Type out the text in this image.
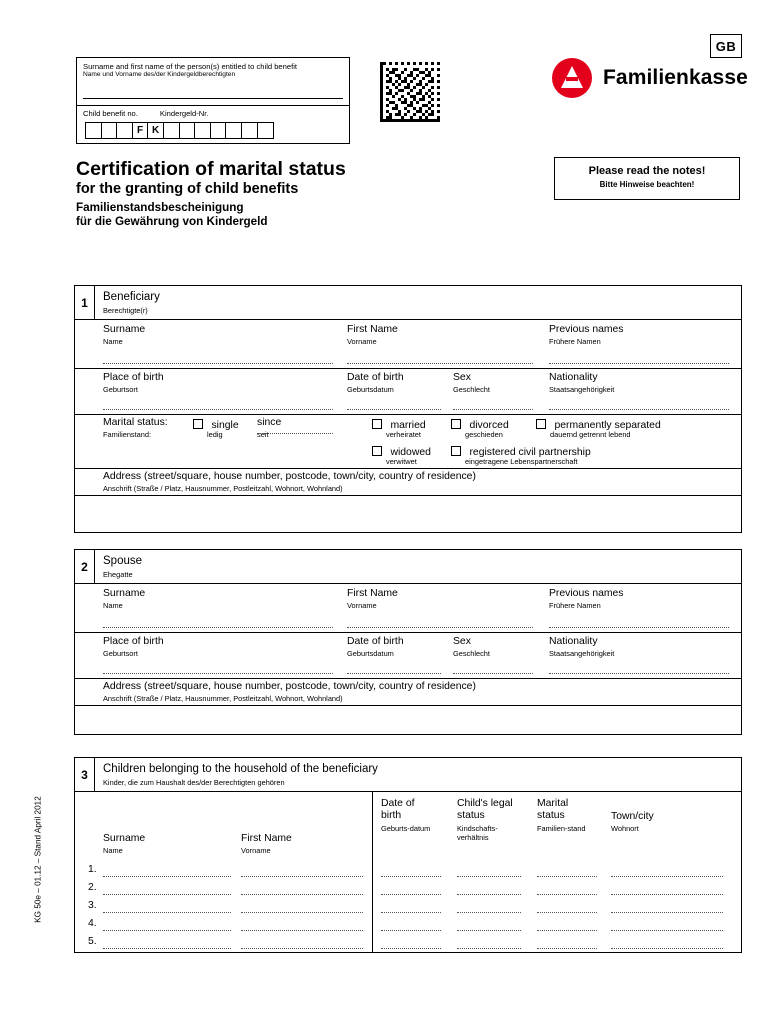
GB
Surname and first name of the person(s) entitled to child benefit
Name und Vorname des/der Kindergeldberechtigten
Child benefit no.	Kindergeld-Nr.
F K
Familienkasse
Certification of marital status
for the granting of child benefits
Familienstandsbescheinigung
für die Gewährung von Kindergeld
Please read the notes!
Bitte Hinweise beachten!
KG 50e – 01.12 – Stand April 2012
1	Beneficiary
Berechtigte(r)
Surname
Name
First Name
Vorname
Previous names
Frühere Namen
Place of birth
Geburtsort
Date of birth
Geburtsdatum
Sex
Geschlecht
Nationality
Staatsangehörigkeit
Marital status:
Familienstand:
single
ledig
since
seit
married
verheiratet
divorced
geschieden
permanently separated
dauernd getrennt lebend
widowed
verwitwet
registered civil partnership
eingetragene Lebenspartnerschaft
Address (street/square, house number, postcode, town/city, country of residence)
Anschrift (Straße / Platz, Hausnummer, Postleitzahl, Wohnort, Wohnland)
2	Spouse
Ehegatte
Surname
Name
First Name
Vorname
Previous names
Frühere Namen
Place of birth
Geburtsort
Date of birth
Geburtsdatum
Sex
Geschlecht
Nationality
Staatsangehörigkeit
Address (street/square, house number, postcode, town/city, country of residence)
Anschrift (Straße / Platz, Hausnummer, Postleitzahl, Wohnort, Wohnland)
3	Children belonging to the household of the beneficiary
Kinder, die zum Haushalt des/der Berechtigten gehören
Surname
Name
First Name
Vorname
Date of birth
Geburts-datum
Child's legal status
Kindschafts-verhältnis
Marital status
Familien-stand
Town/city
Wohnort
1.
2.
3.
4.
5.
